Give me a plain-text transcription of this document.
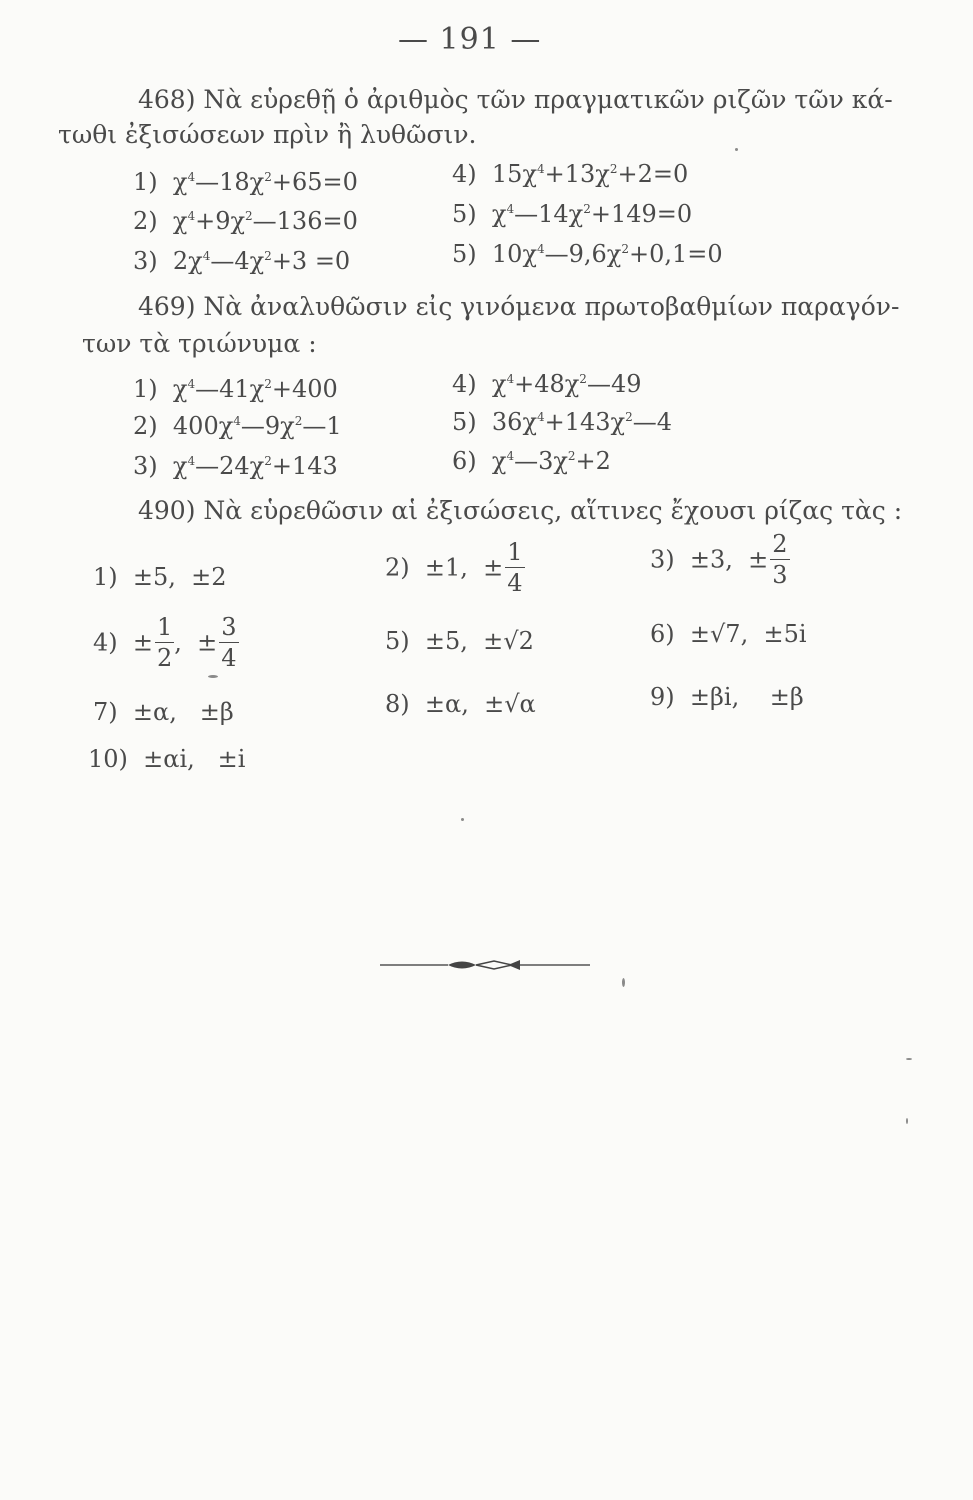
— 191 —
468) Νὰ εὑρεθῇ ὁ ἀριθμὸς τῶν πραγματικῶν ριζῶν τῶν κά-
τωθι ἐξισώσεων πρὶν ἢ λυθῶσιν.
1) $\chi^4—18\chi^2+65=0$
2) $\chi^4+9\chi^2—136=0$
3) $2\chi^4—4\chi^2+3 =0$
4) $15\chi^4+13\chi^2+2=0$
5) $\chi^4—14\chi^2+149=0$
5) $10\chi^4—9,6\chi^2+0,1=0$
469) Νὰ ἀναλυθῶσιν εἰς γινόμενα πρωτοβαθμίων παραγόν-
των τὰ τριώνυμα :
1) $\chi^4—41\chi^2+400$
2) $400\chi^4—9\chi^2—1$
3) $\chi^4—24\chi^2+143$
4) $\chi^4+48\chi^2—49$
5) $36\chi^4+143\chi^2—4$
6) $\chi^4—3\chi^2+2$
490) Νὰ εὑρεθῶσιν αἱ ἐξισώσεις, αἵτινες ἔχουσι ρίζας τὰς :
1) ±5,  ±2	2) ±1,  ± $\frac{1}{4}$	3) ±3,  ± $\frac{2}{3}$
$4) \pm \frac{1}{2}$ ,  ± $\frac{3}{4}$	5) ±5,  ±√2	6) ±√7,  ±5i
7) ±α,   ±β	8) ±α,  ±√α	9) ±βi,    ±β
10) ±αi,   ±i
